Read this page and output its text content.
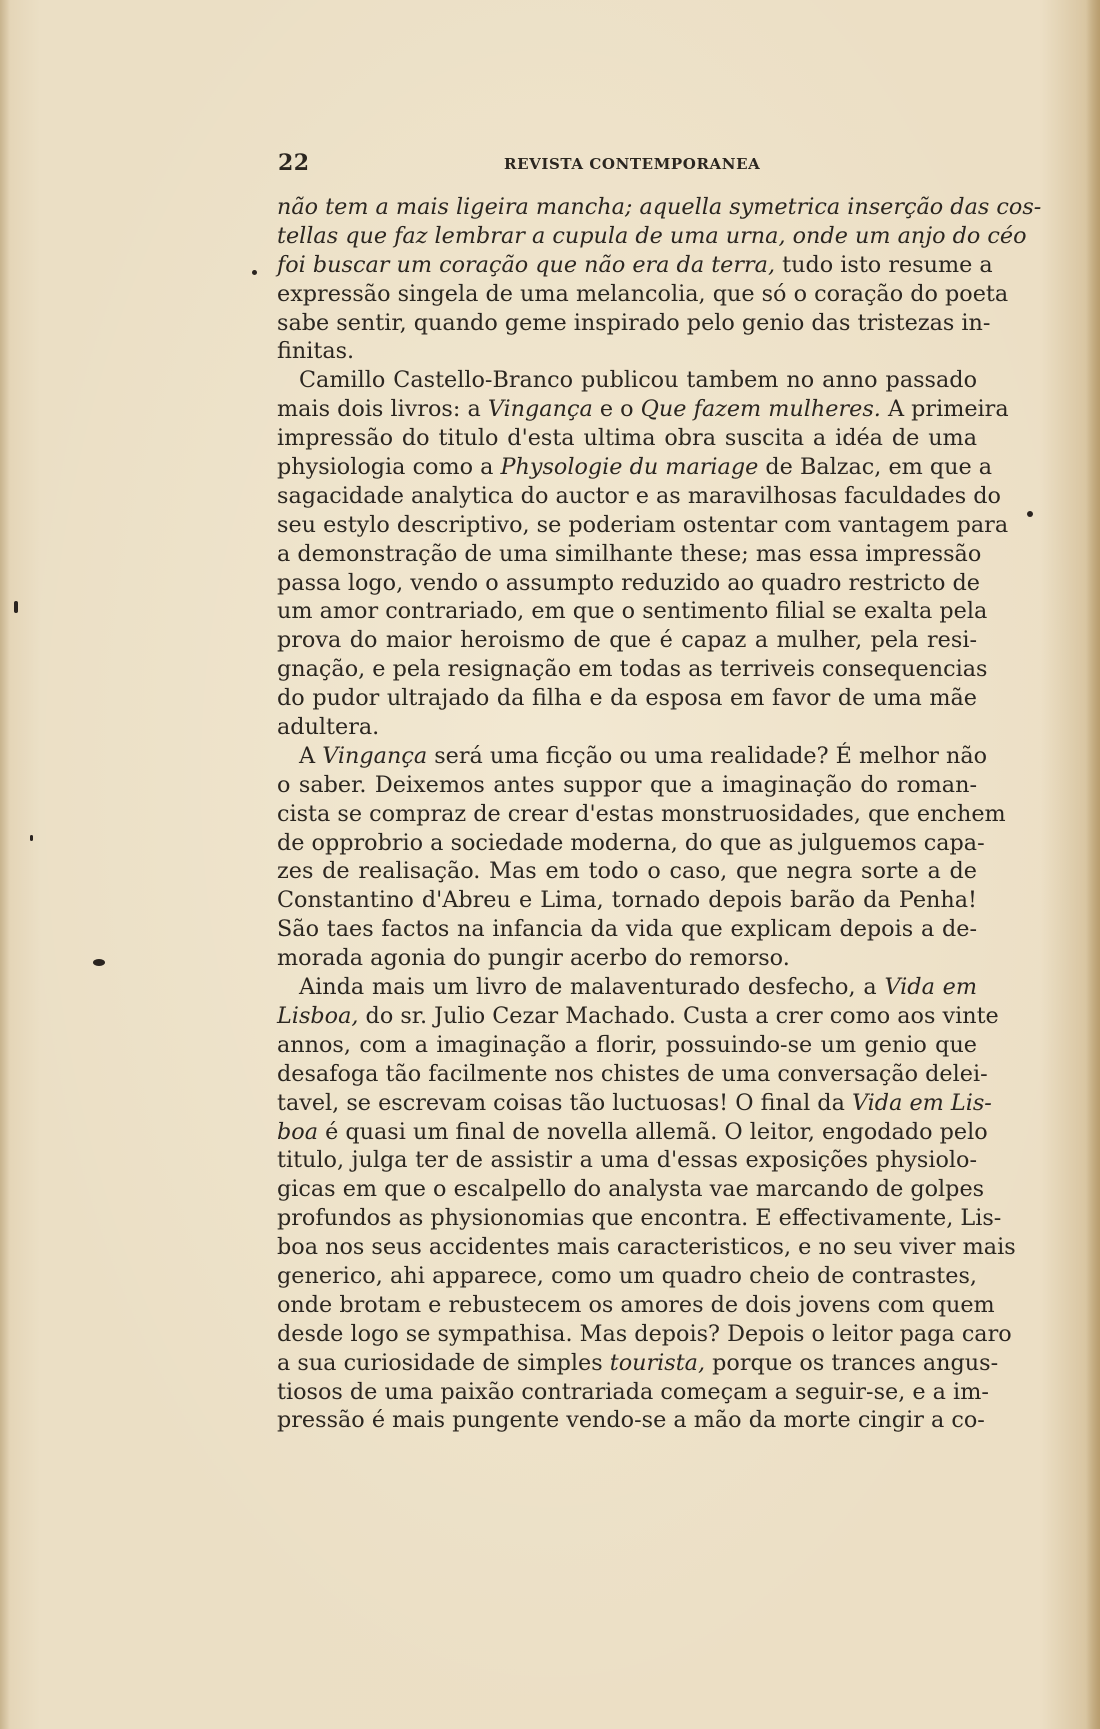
22	REVISTA CONTEMPORANEA
não tem a mais ligeira mancha; aquella symetrica inserção das cos-
tellas que faz lembrar a cupula de uma urna, onde um anjo do céo
foi buscar um coração que não era da terra, tudo isto resume a
expressão singela de uma melancolia, que só o coração do poeta
sabe sentir, quando geme inspirado pelo genio das tristezas in-
finitas.
Camillo Castello-Branco publicou tambem no anno passado
mais dois livros: a Vingança e o Que fazem mulheres. A primeira
impressão do titulo d'esta ultima obra suscita a idéa de uma
physiologia como a Physologie du mariage de Balzac, em que a
sagacidade analytica do auctor e as maravilhosas faculdades do
seu estylo descriptivo, se poderiam ostentar com vantagem para
a demonstração de uma similhante these; mas essa impressão
passa logo, vendo o assumpto reduzido ao quadro restricto de
um amor contrariado, em que o sentimento filial se exalta pela
prova do maior heroismo de que é capaz a mulher, pela resi-
gnação, e pela resignação em todas as terriveis consequencias
do pudor ultrajado da filha e da esposa em favor de uma mãe
adultera.
A Vingança será uma ficção ou uma realidade? É melhor não
o saber. Deixemos antes suppor que a imaginação do roman-
cista se compraz de crear d'estas monstruosidades, que enchem
de opprobrio a sociedade moderna, do que as julguemos capa-
zes de realisação. Mas em todo o caso, que negra sorte a de
Constantino d'Abreu e Lima, tornado depois barão da Penha!
São taes factos na infancia da vida que explicam depois a de-
morada agonia do pungir acerbo do remorso.
Ainda mais um livro de malaventurado desfecho, a Vida em
Lisboa, do sr. Julio Cezar Machado. Custa a crer como aos vinte
annos, com a imaginação a florir, possuindo-se um genio que
desafoga tão facilmente nos chistes de uma conversação delei-
tavel, se escrevam coisas tão luctuosas! O final da Vida em Lis-
boa é quasi um final de novella allemã. O leitor, engodado pelo
titulo, julga ter de assistir a uma d'essas exposições physiolo-
gicas em que o escalpello do analysta vae marcando de golpes
profundos as physionomias que encontra. E effectivamente, Lis-
boa nos seus accidentes mais caracteristicos, e no seu viver mais
generico, ahi apparece, como um quadro cheio de contrastes,
onde brotam e rebustecem os amores de dois jovens com quem
desde logo se sympathisa. Mas depois? Depois o leitor paga caro
a sua curiosidade de simples tourista, porque os trances angus-
tiosos de uma paixão contrariada começam a seguir-se, e a im-
pressão é mais pungente vendo-se a mão da morte cingir a co-
